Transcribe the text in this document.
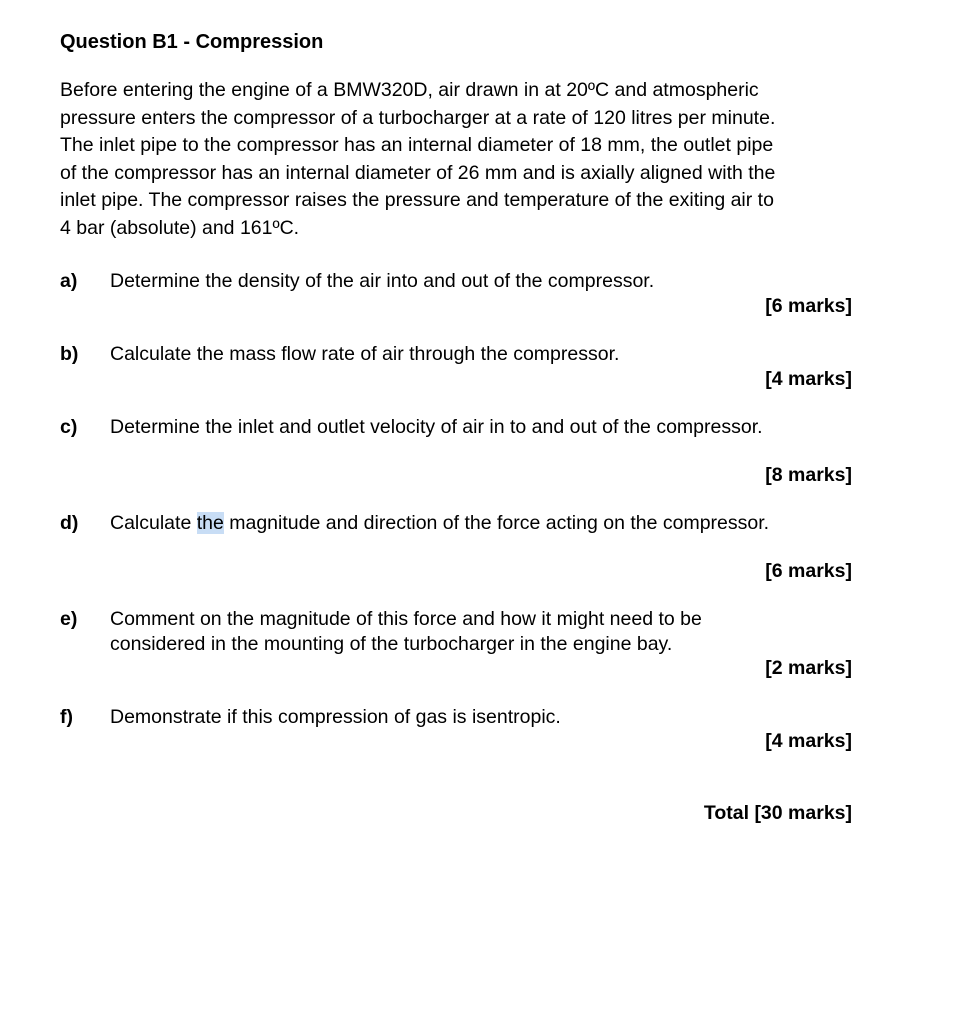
Question B1 - Compression
Before entering the engine of a BMW320D, air drawn in at 20ºC and atmospheric
pressure enters the compressor of a turbocharger at a rate of 120 litres per minute.
The inlet pipe to the compressor has an internal diameter of 18 mm, the outlet pipe
of the compressor has an internal diameter of 26 mm and is axially aligned with the
inlet pipe. The compressor raises the pressure and temperature of the exiting air to
4 bar (absolute) and 161ºC.
a) Determine the density of the air into and out of the compressor.
[6 marks]
b) Calculate the mass flow rate of air through the compressor.
[4 marks]
c) Determine the inlet and outlet velocity of air in to and out of the compressor.
[8 marks]
d) Calculate the magnitude and direction of the force acting on the compressor.
[6 marks]
e) Comment on the magnitude of this force and how it might need to be
considered in the mounting of the turbocharger in the engine bay.
[2 marks]
f) Demonstrate if this compression of gas is isentropic.
[4 marks]
Total [30 marks]
